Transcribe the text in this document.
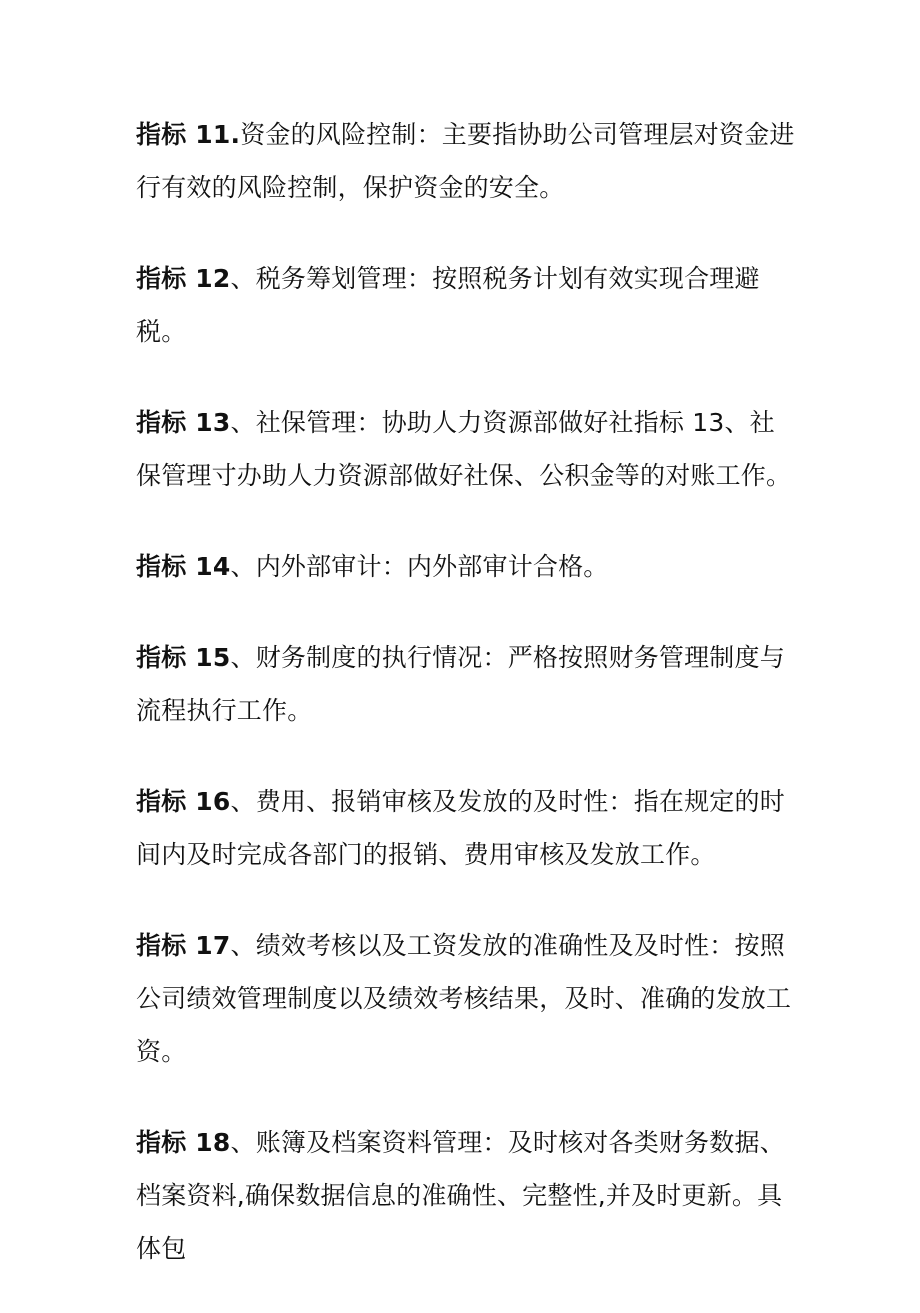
指标 11.资金的风险控制：主要指协助公司管理层对资金进行有效的风险控制，保护资金的安全。

指标 12、税务筹划管理：按照税务计划有效实现合理避税。

指标 13、社保管理：协助人力资源部做好社指标 13、社保管理寸办助人力资源部做好社保、公积金等的对账工作。

指标 14、内外部审计：内外部审计合格。

指标 15、财务制度的执行情况：严格按照财务管理制度与流程执行工作。

指标 16、费用、报销审核及发放的及时性：指在规定的时间内及时完成各部门的报销、费用审核及发放工作。

指标 17、绩效考核以及工资发放的准确性及及时性：按照公司绩效管理制度以及绩效考核结果，及时、准确的发放工资。

指标 18、账簿及档案资料管理：及时核对各类财务数据、档案资料,确保数据信息的准确性、完整性,并及时更新。具体包
